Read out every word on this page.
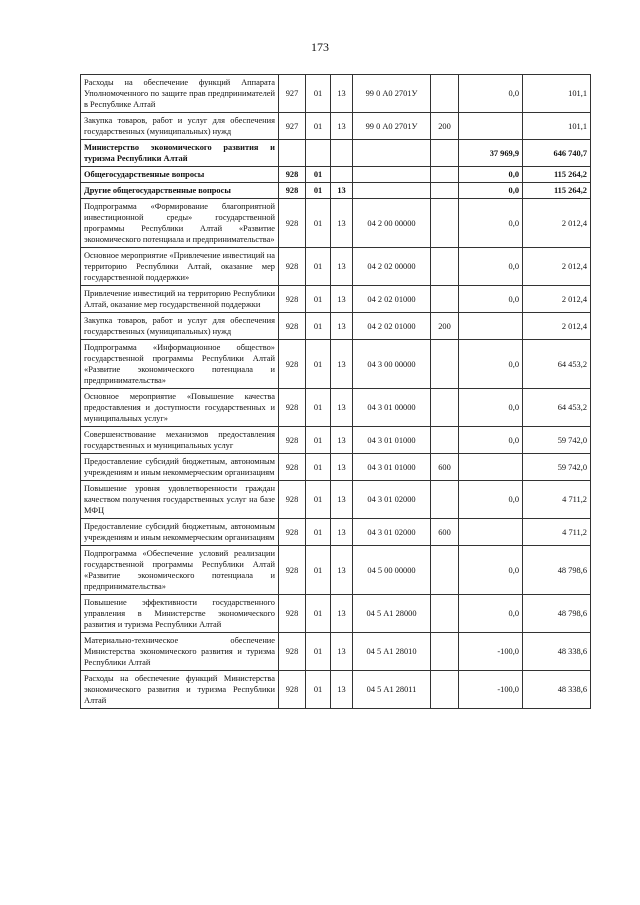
173
Расходы на обеспечение функций Аппарата Уполномоченного по защите прав предпринимателей в Республике Алтай	927	01	13	99 0 А0 2701У		0,0	101,1
Закупка товаров, работ и услуг для обеспечения государственных (муниципальных) нужд	927	01	13	99 0 А0 2701У	200		101,1
Министерство экономического развития и туризма Республики Алтай						37 969,9	646 740,7
Общегосударственные вопросы	928	01				0,0	115 264,2
Другие общегосударственные вопросы	928	01	13			0,0	115 264,2
Подпрограмма «Формирование благоприятной инвестиционной среды» государственной программы Республики Алтай «Развитие экономического потенциала и предпринимательства»	928	01	13	04 2 00 00000		0,0	2 012,4
Основное мероприятие «Привлечение инвестиций на территорию Республики Алтай, оказание мер государственной поддержки»	928	01	13	04 2 02 00000		0,0	2 012,4
Привлечение инвестиций на территорию Республики Алтай, оказание мер государственной поддержки	928	01	13	04 2 02 01000		0,0	2 012,4
Закупка товаров, работ и услуг для обеспечения государственных (муниципальных) нужд	928	01	13	04 2 02 01000	200		2 012,4
Подпрограмма «Информационное общество» государственной программы Республики Алтай «Развитие экономического потенциала и предпринимательства»	928	01	13	04 3 00 00000		0,0	64 453,2
Основное мероприятие «Повышение качества предоставления и доступности государственных и муниципальных услуг»	928	01	13	04 3 01 00000		0,0	64 453,2
Совершенствование механизмов предоставления государственных и муниципальных услуг	928	01	13	04 3 01 01000		0,0	59 742,0
Предоставление субсидий бюджетным, автономным учреждениям и иным некоммерческим организациям	928	01	13	04 3 01 01000	600		59 742,0
Повышение уровня удовлетворенности граждан качеством получения государственных услуг на базе МФЦ	928	01	13	04 3 01 02000		0,0	4 711,2
Предоставление субсидий бюджетным, автономным учреждениям и иным некоммерческим организациям	928	01	13	04 3 01 02000	600		4 711,2
Подпрограмма «Обеспечение условий реализации государственной программы Республики Алтай «Развитие экономического потенциала и предпринимательства»	928	01	13	04 5 00 00000		0,0	48 798,6
Повышение эффективности государственного управления в Министерстве экономического развития и туризма Республики Алтай	928	01	13	04 5 А1 28000		0,0	48 798,6
Материально-техническое обеспечение Министерства экономического развития и туризма Республики Алтай	928	01	13	04 5 А1 28010		-100,0	48 338,6
Расходы на обеспечение функций Министерства экономического развития и туризма Республики Алтай	928	01	13	04 5 А1 28011		-100,0	48 338,6
